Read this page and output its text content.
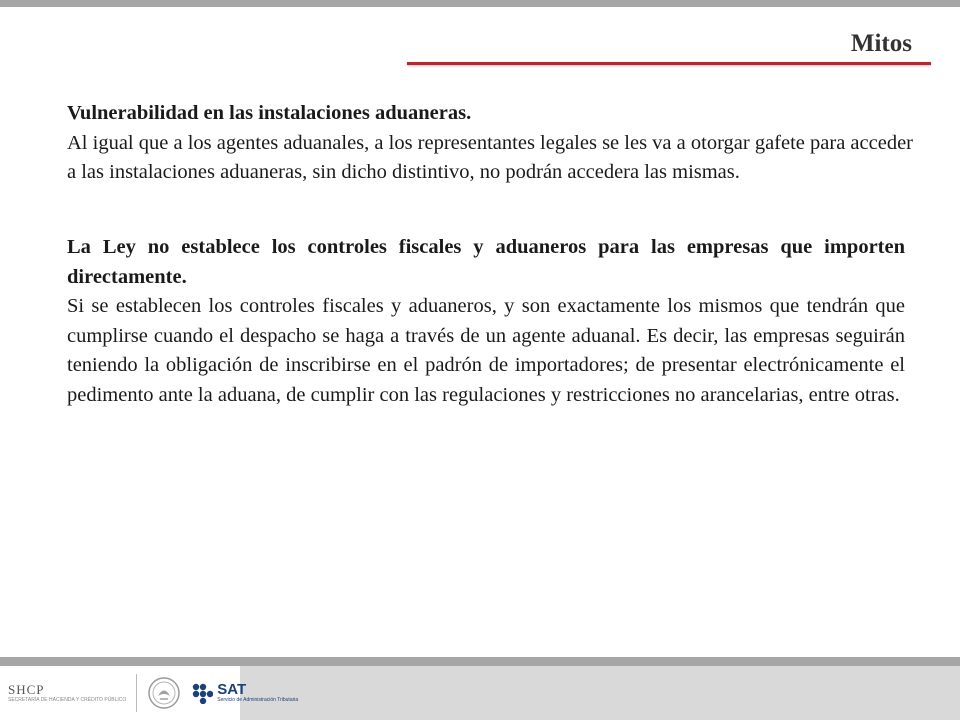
Mitos
Vulnerabilidad en las instalaciones aduaneras.

Al igual que a los agentes aduanales, a los representantes legales se les va a otorgar gafete para acceder a las instalaciones aduaneras, sin dicho distintivo, no podrán accedera las mismas.

La Ley no establece los controles fiscales y aduaneros para las empresas que importen directamente.

Si se establecen los controles fiscales y aduaneros, y son exactamente los mismos que tendrán que cumplirse cuando el despacho se haga a través de un agente aduanal. Es decir, las empresas seguirán teniendo la obligación de inscribirse en el padrón de importadores; de presentar electrónicamente el pedimento ante la aduana, de cumplir con las regulaciones y restricciones no arancelarias, entre otras.

SHCP
SECRETARÍA DE HACIENDA Y CRÉDITO PÚBLICO
SAT
Servicio de Administración Tributaria
